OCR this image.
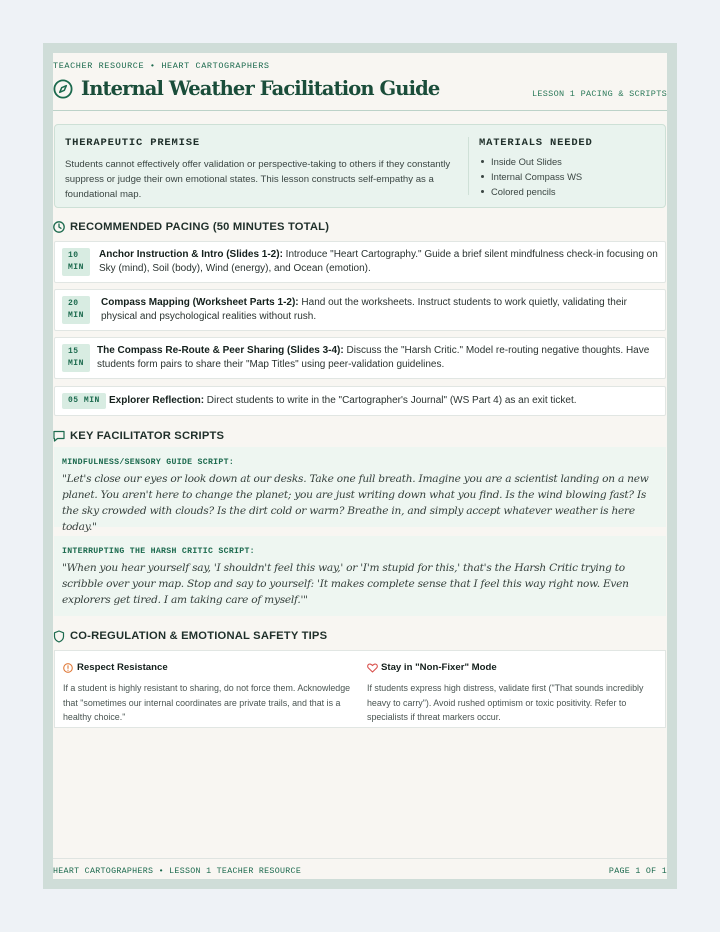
TEACHER RESOURCE • HEART CARTOGRAPHERS
Internal Weather Facilitation Guide	LESSON 1 PACING & SCRIPTS
THERAPEUTIC PREMISE
Students cannot effectively offer validation or perspective-taking to others if they constantly suppress or judge their own emotional states. This lesson constructs self-empathy as a foundational map.
MATERIALS NEEDED
Inside Out Slides
Internal Compass WS
Colored pencils
RECOMMENDED PACING (50 MINUTES TOTAL)
10
MIN
Anchor Instruction & Intro (Slides 1-2): Introduce "Heart Cartography." Guide a brief silent mindfulness check-in focusing on Sky (mind), Soil (body), Wind (energy), and Ocean (emotion).
20
MIN
Compass Mapping (Worksheet Parts 1-2): Hand out the worksheets. Instruct students to work quietly, validating their physical and psychological realities without rush.
15
MIN
The Compass Re-Route & Peer Sharing (Slides 3-4): Discuss the "Harsh Critic." Model re-routing negative thoughts. Have students form pairs to share their "Map Titles" using peer-validation guidelines.
05 MIN Explorer Reflection: Direct students to write in the "Cartographer's Journal" (WS Part 4) as an exit ticket.
KEY FACILITATOR SCRIPTS
MINDFULNESS/SENSORY GUIDE SCRIPT:
"Let's close our eyes or look down at our desks. Take one full breath. Imagine you are a scientist landing on a new planet. You aren't here to change the planet; you are just writing down what you find. Is the wind blowing fast? Is the sky crowded with clouds? Is the dirt cold or warm? Breathe in, and simply accept whatever weather is here today."
INTERRUPTING THE HARSH CRITIC SCRIPT:
"When you hear yourself say, 'I shouldn't feel this way,' or 'I'm stupid for this,' that's the Harsh Critic trying to scribble over your map. Stop and say to yourself: 'It makes complete sense that I feel this way right now. Even explorers get tired. I am taking care of myself.'"
CO-REGULATION & EMOTIONAL SAFETY TIPS
Respect Resistance
If a student is highly resistant to sharing, do not force them. Acknowledge that "sometimes our internal coordinates are private trails, and that is a healthy choice."
Stay in "Non-Fixer" Mode
If students express high distress, validate first ("That sounds incredibly heavy to carry"). Avoid rushed optimism or toxic positivity. Refer to specialists if threat markers occur.
HEART CARTOGRAPHERS • LESSON 1 TEACHER RESOURCE	PAGE 1 OF 1
